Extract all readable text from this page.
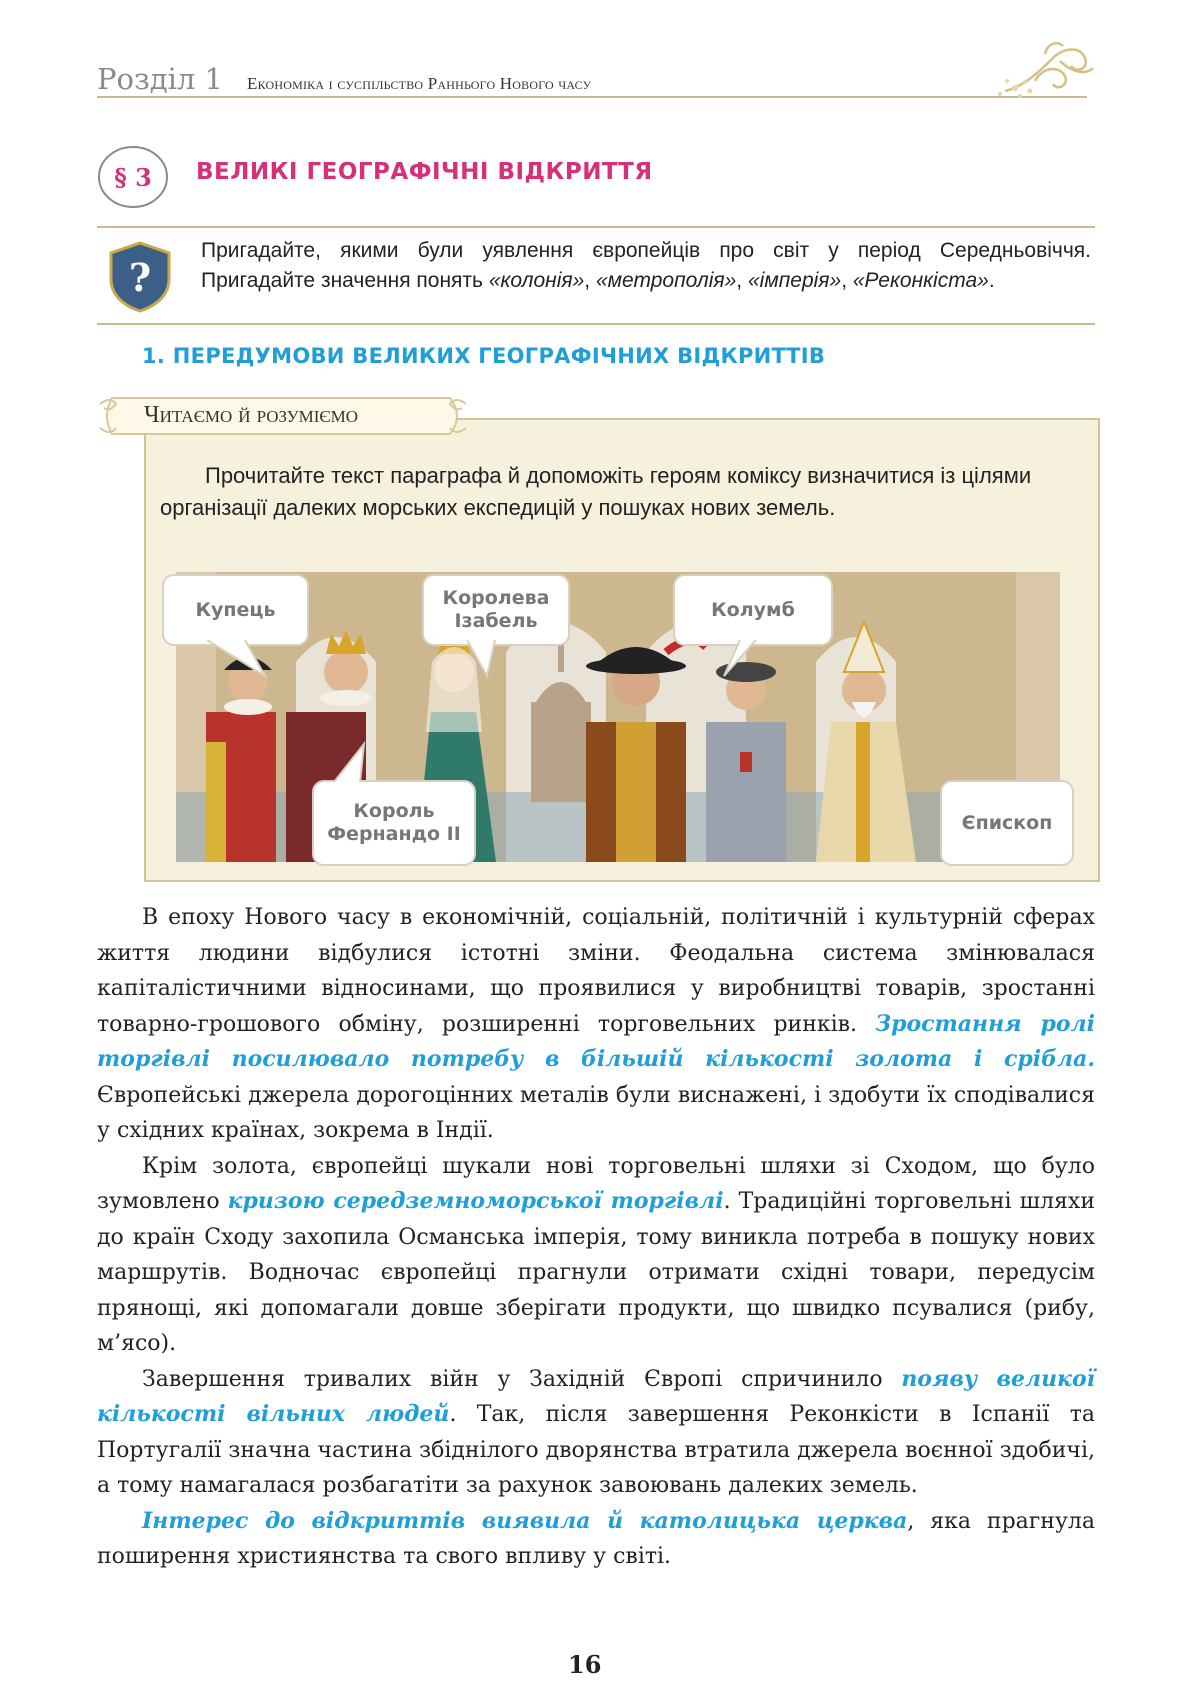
Розділ 1 Економіка і суспільство Раннього Нового часу
§ 3 ВЕЛИКІ ГЕОГРАФІЧНІ ВІДКРИТТЯ
?
Пригадайте, якими були уявлення європейців про світ у період Середньовіччя. Пригадайте значення понять «колонія», «метрополія», «імперія», «Реконкіста».
1. ПЕРЕДУМОВИ ВЕЛИКИХ ГЕОГРАФІЧНИХ ВІДКРИТТІВ
Читаємо й розуміємо
Прочитайте текст параграфа й допоможіть героям коміксу визначитися із цілями організації далеких морських експедицій у пошуках нових земель.
Купець
Королева
Ізабель
Колумб
Король
Фернандо II
Єпископ

В епоху Нового часу в економічній, соціальній, політичній і культурній сферах життя людини відбулися істотні зміни. Феодальна система змінювалася капіталістичними відносинами, що проявилися у виробництві товарів, зростанні товарно-грошового обміну, розширенні торговельних ринків. Зростання ролі торгівлі посилювало потребу в більшій кількості золота і срібла. Європейські джерела дорогоцінних металів були виснажені, і здобути їх сподівалися у східних країнах, зокрема в Індії.

Крім золота, європейці шукали нові торговельні шляхи зі Сходом, що було зумовлено кризою середземноморської торгівлі. Традиційні торговельні шляхи до країн Сходу захопила Османська імперія, тому виникла потреба в пошуку нових маршрутів. Водночас європейці прагнули отримати східні товари, передусім прянощі, які допомагали довше зберігати продукти, що швидко псувалися (рибу, м’ясо).

Завершення тривалих війн у Західній Європі спричинило появу великої кількості вільних людей. Так, після завершення Реконкісти в Іспанії та Португалії значна частина збіднілого дворянства втратила джерела воєнної здобичі, а тому намагалася розбагатіти за рахунок завоювань далеких земель.

Інтерес до відкриттів виявила й католицька церква, яка прагнула поширення християнства та свого впливу у світі.

16
